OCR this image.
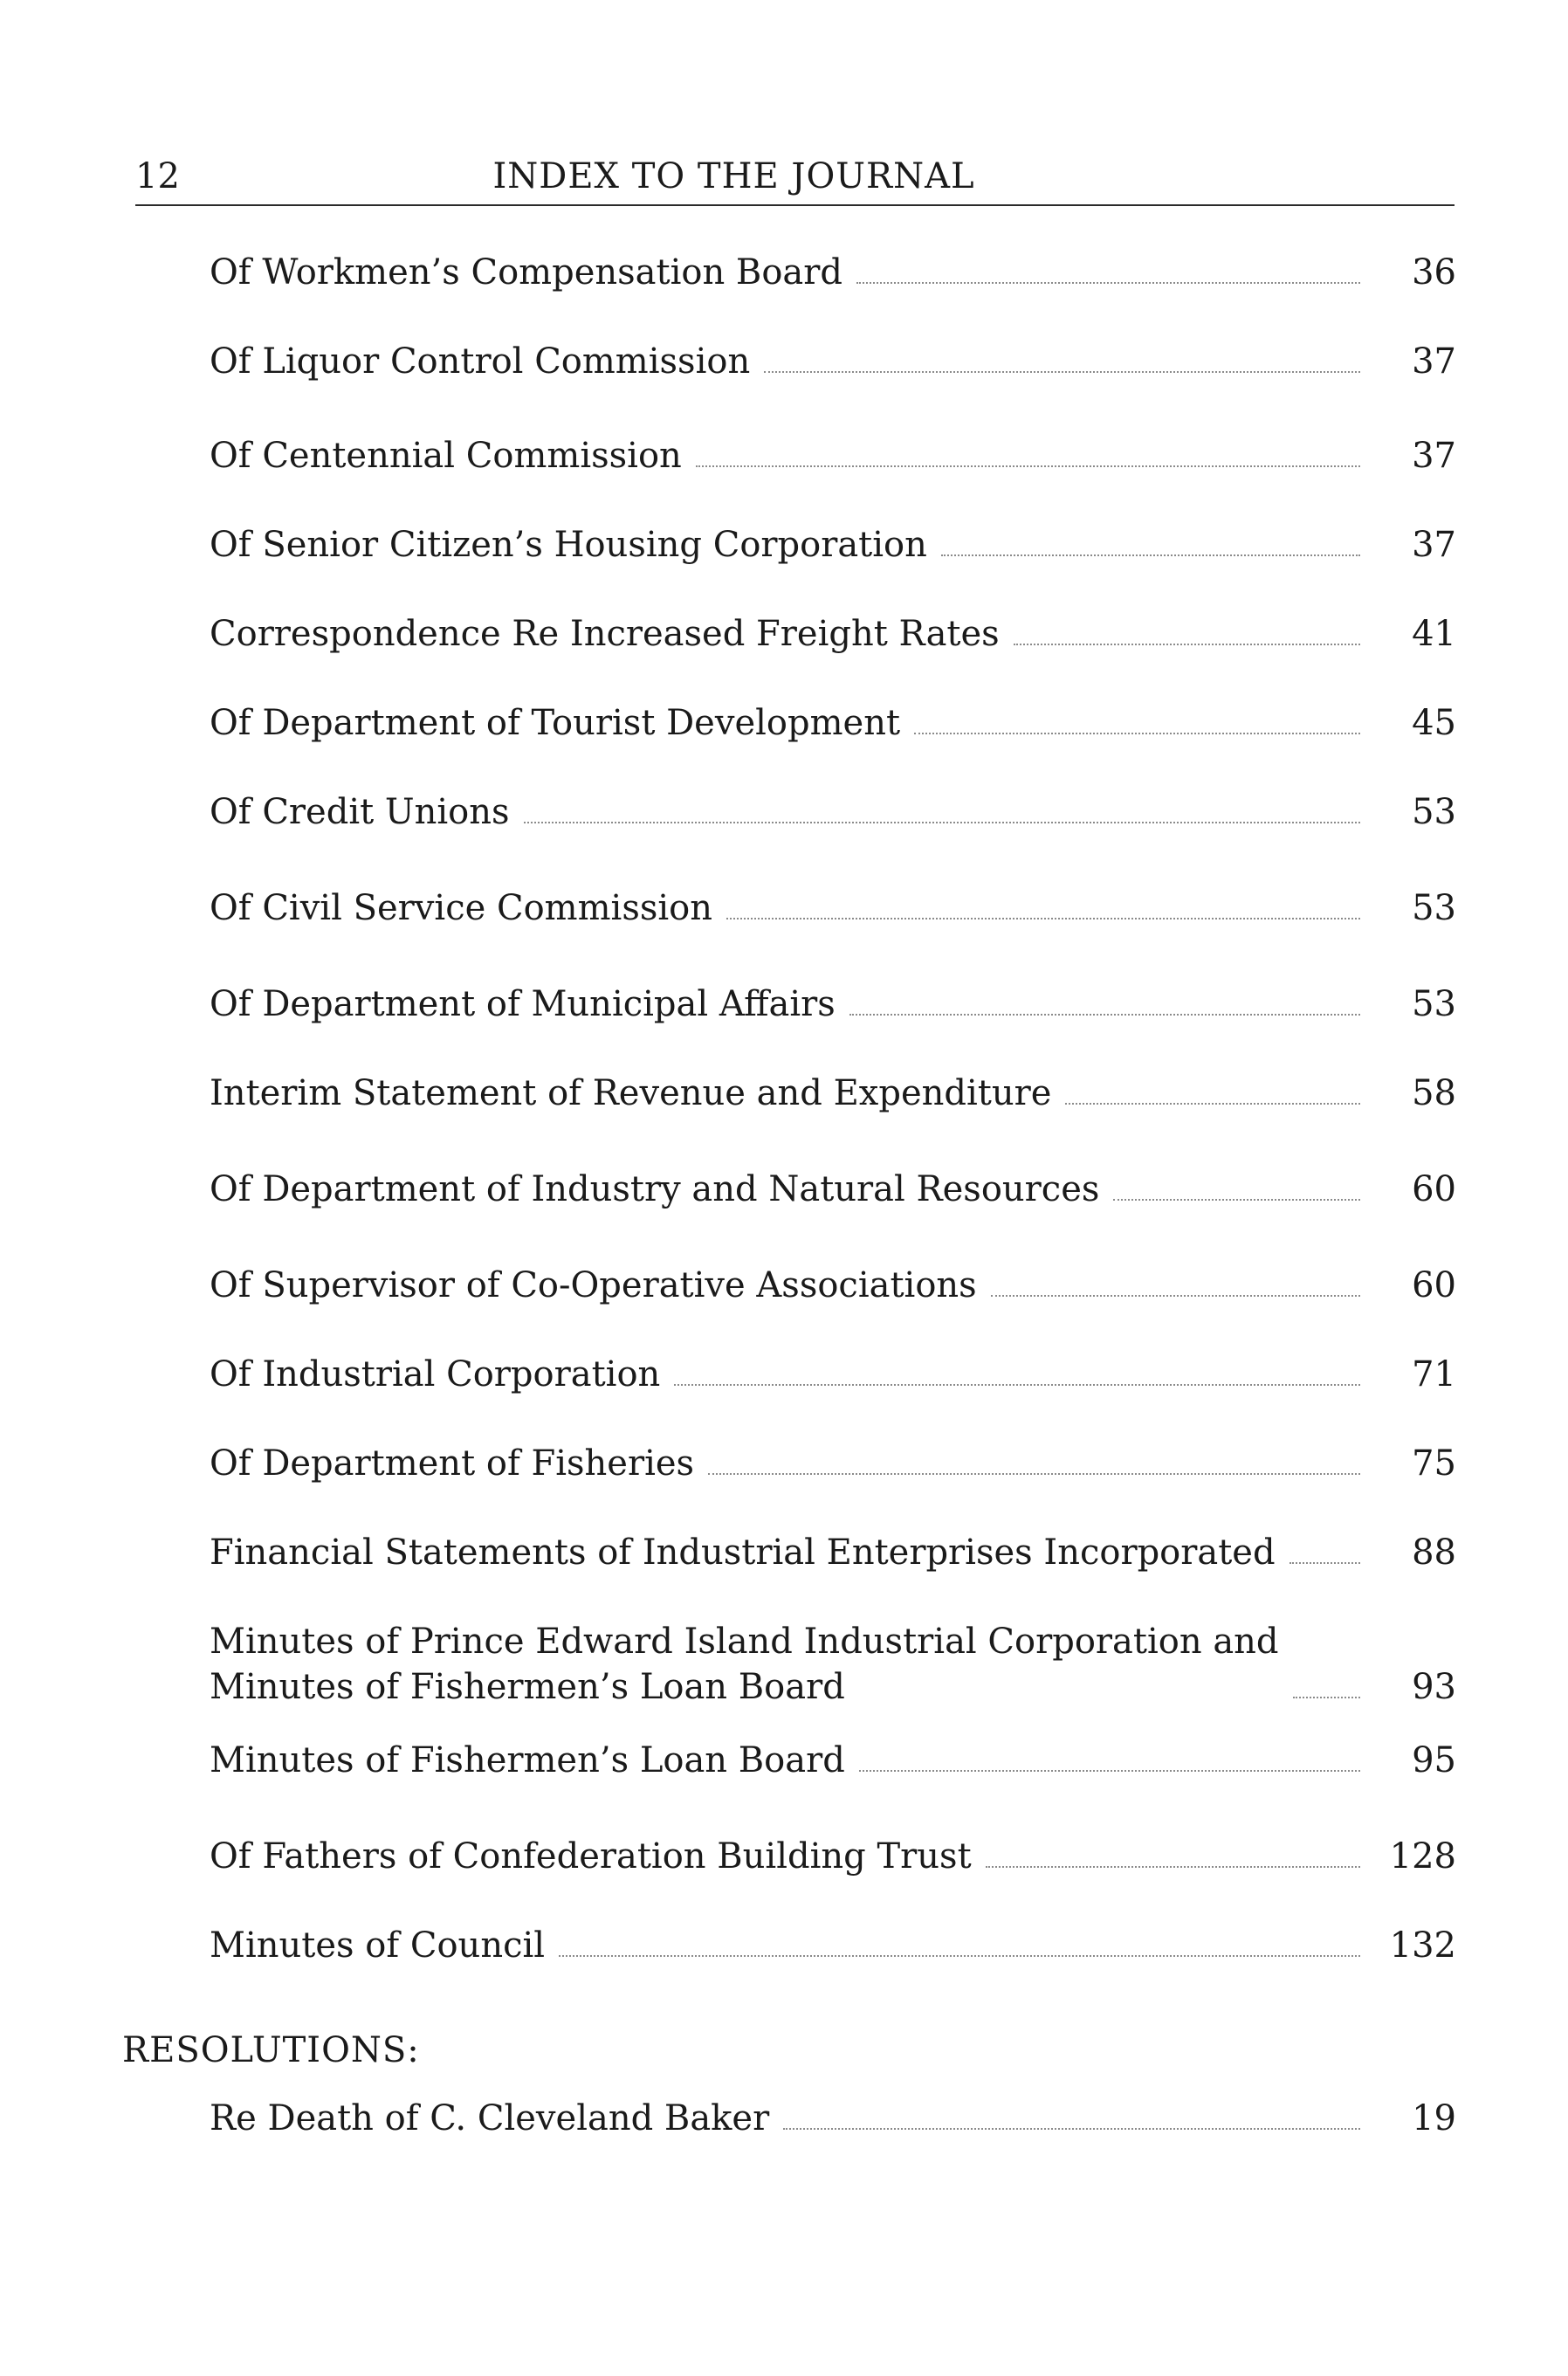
12	INDEX TO THE JOURNAL
Of Workmen’s Compensation Board	36
Of Liquor Control Commission	37
Of Centennial Commission	37
Of Senior Citizen’s Housing Corporation	37
Correspondence Re Increased Freight Rates	41
Of Department of Tourist Development	45
Of Credit Unions	53
Of Civil Service Commission	53
Of Department of Municipal Affairs	53
Interim Statement of Revenue and Expenditure	58
Of Department of Industry and Natural Resources	60
Of Supervisor of Co-Operative Associations	60
Of Industrial Corporation	71
Of Department of Fisheries	75
Financial Statements of Industrial Enterprises Incorporated	88
Minutes of Prince Edward Island Industrial Corporation and
Minutes of Fishermen’s Loan Board	93
Minutes of Fishermen’s Loan Board	95
Of Fathers of Confederation Building Trust	128
Minutes of Council	132
RESOLUTIONS:
Re Death of C. Cleveland Baker	19
